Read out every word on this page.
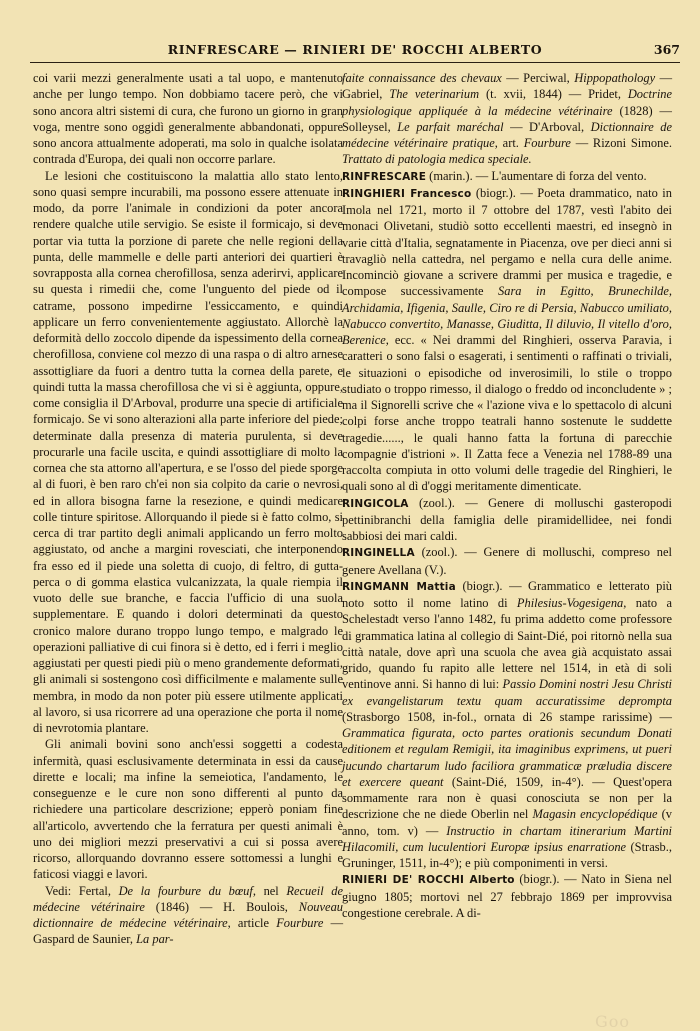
RINFRESCARE — RINIERI DE' ROCCHI ALBERTO	367

coi varii mezzi generalmente usati a tal uopo, e mantenuto anche per lungo tempo. Non dobbiamo tacere però, che vi sono ancora altri sistemi di cura, che furono un giorno in gran voga, mentre sono oggidì generalmente abbandonati, oppure sono ancora attualmente adoperati, ma solo in qualche isolata contrada d'Europa, dei quali non occorre parlare.

Le lesioni che costituiscono la malattia allo stato lento, sono quasi sempre incurabili, ma possono essere attenuate in modo, da porre l'animale in condizioni da poter ancora rendere qualche utile servigio. Se esiste il formicajo, si deve portar via tutta la porzione di parete che nelle regioni della punta, delle mammelle e delle parti anteriori dei quartieri è sovrapposta alla cornea cherofillosa, senza aderirvi, applicare su questa i rimedii che, come l'unguento del piede od il catrame, possono impedirne l'essiccamento, e quindi applicare un ferro convenientemente aggiustato. Allorchè la deformità dello zoccolo dipende da ispessimento della cornea cherofillosa, conviene col mezzo di una raspa o di altro arnese assottigliare da fuori a dentro tutta la cornea della parete, e quindi tutta la massa cherofillosa che vi si è aggiunta, oppure, come consiglia il D'Arboval, produrre una specie di artificiale formicajo. Se vi sono alterazioni alla parte inferiore del piede; determinate dalla presenza di materia purulenta, si deve procurarle una facile uscita, e quindi assottigliare di molto la cornea che sta attorno all'apertura, e se l'osso del piede sporge al di fuori, è ben raro ch'ei non sia colpito da carie o nevrosi, ed in allora bisogna farne la resezione, e quindi medicare colle tinture spiritose. Allorquando il piede si è fatto colmo, si cerca di trar partito degli animali applicando un ferro molto aggiustato, od anche a margini rovesciati, che interponendo fra esso ed il piede una soletta di cuojo, di feltro, di gutta-perca o di gomma elastica vulcanizzata, la quale riempia il vuoto delle sue branche, e faccia l'ufficio di una suola supplementare. E quando i dolori determinati da questo cronico malore durano troppo lungo tempo, e malgrado le operazioni palliative di cui finora si è detto, ed i ferri i meglio aggiustati per questi piedi più o meno grandemente deformati, gli animali si sostengono così difficilmente e malamente sulle membra, in modo da non poter più essere utilmente applicati al lavoro, si usa ricorrere ad una operazione che porta il nome di nevrotomia plantare.

Gli animali bovini sono anch'essi soggetti a codesta infermità, quasi esclusivamente determinata in essi da cause dirette e locali; ma infine la semeiotica, l'andamento, le conseguenze e le cure non sono differenti al punto da richiedere una particolare descrizione; epperò poniam fine all'articolo, avvertendo che la ferratura per questi animali è uno dei migliori mezzi preservativi a cui si possa avere ricorso, allorquando dovranno essere sottomessi a lunghi e faticosi viaggi e lavori.

Vedi: Fertal, De la fourbure du bœuf, nel Recueil de médecine vétérinaire (1846) — H. Boulois, Nouveau dictionnaire de médecine vétérinaire, article Fourbure — Gaspard de Saunier, La par-

faite connaissance des chevaux — Perciwal, Hippopathology — Gabriel, The veterinarium (t. xvii, 1844) — Pridet, Doctrine physiologique appliquée à la médecine vétérinaire (1828) — Solleysel, Le parfait maréchal — D'Arboval, Dictionnaire de médecine vétérinaire pratique, art. Fourbure — Rizoni Simone. Trattato di patologia medica speciale.

RINFRESCARE (marin.). — L'aumentare di forza del vento.

RINGHIERI Francesco (biogr.). — Poeta drammatico, nato in Imola nel 1721, morto il 7 ottobre del 1787, vestì l'abito dei monaci Olivetani, studiò sotto eccellenti maestri, ed insegnò in varie città d'Italia, segnatamente in Piacenza, ove per dieci anni si travagliò nella cattedra, nel pergamo e nella cura delle anime. Incominciò giovane a scrivere drammi per musica e tragedie, e compose successivamente Sara in Egitto, Brunechilde, Archidamia, Ifigenia, Saulle, Ciro re di Persia, Nabucco umiliato, Nabucco convertito, Manasse, Giuditta, Il diluvio, Il vitello d'oro, Berenice, ecc. « Nei drammi del Ringhieri, osserva Paravia, i caratteri o sono falsi o esagerati, i sentimenti o raffinati o triviali, le situazioni o episodiche od inverosimili, lo stile o troppo studiato o troppo rimesso, il dialogo o freddo od inconcludente » ; ma il Signorelli scrive che « l'azione viva e lo spettacolo di alcuni colpi forse anche troppo teatrali hanno sostenute le suddette tragedie......, le quali hanno fatta la fortuna di parecchie compagnie d'istrioni ». Il Zatta fece a Venezia nel 1788-89 una raccolta compiuta in otto volumi delle tragedie del Ringhieri, le quali sono al dì d'oggi meritamente dimenticate.

RINGICOLA (zool.). — Genere di molluschi gasteropodi pettinibranchi della famiglia delle piramidellidee, nei fondi sabbiosi dei mari caldi.

RINGINELLA (zool.). — Genere di molluschi, compreso nel genere Avellana (V.).

RINGMANN Mattia (biogr.). — Grammatico e letterato più noto sotto il nome latino di Philesius-Vogesigena, nato a Schelestadt verso l'anno 1482, fu prima addetto come professore di grammatica latina al collegio di Saint-Dié, poi ritornò nella sua città natale, dove aprì una scuola che avea già acquistato assai grido, quando fu rapito alle lettere nel 1514, in età di soli ventinove anni. Si hanno di lui: Passio Domini nostri Jesu Christi ex evangelistarum textu quam accuratissime deprompta (Strasborgo 1508, in-fol., ornata di 26 stampe rarissime) — Grammatica figurata, octo partes orationis secundum Donati editionem et regulam Remigii, ita imaginibus exprimens, ut pueri jucundo chartarum ludo faciliora grammaticæ præludia discere et exercere queant (Saint-Dié, 1509, in-4°). — Quest'opera sommamente rara non è quasi conosciuta se non per la descrizione che ne diede Oberlin nel Magasin encyclopédique (v anno, tom. v) — Instructio in chartam itinerarium Martini Hilacomili, cum luculentiori Europæ ipsius enarratione (Strasb., Gruninger, 1511, in-4°); e più componimenti in versi.

RINIERI DE' ROCCHI Alberto (biogr.). — Nato in Siena nel giugno 1805; mortovi nel 27 febbrajo 1869 per improvvisa congestione cerebrale. A di-

Goo
